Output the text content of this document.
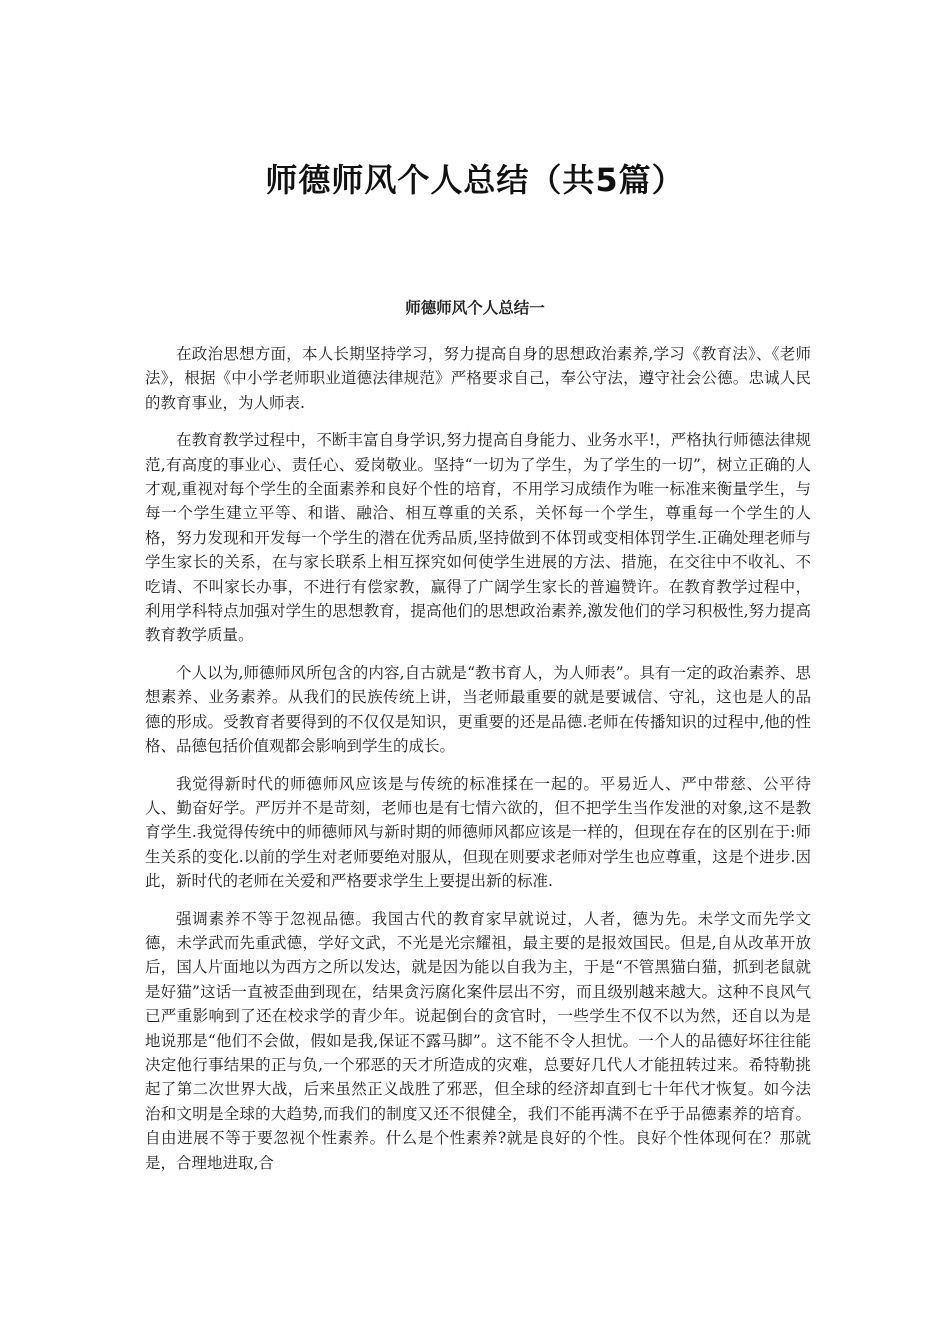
师德师风个人总结（共5篇）
师德师风个人总结一

在政治思想方面，本人长期坚持学习，努力提高自身的思想政治素养,学习《教育法》、《老师法》，根据《中小学老师职业道德法律规范》严格要求自己，奉公守法，遵守社会公德。忠诚人民的教育事业，为人师表.

在教育教学过程中，不断丰富自身学识,努力提高自身能力、业务水平!，严格执行师德法律规范,有高度的事业心、责任心、爱岗敬业。坚持“一切为了学生，为了学生的一切”，树立正确的人才观,重视对每个学生的全面素养和良好个性的培育，不用学习成绩作为唯一标准来衡量学生，与每一个学生建立平等、和谐、融洽、相互尊重的关系，关怀每一个学生，尊重每一个学生的人格，努力发现和开发每一个学生的潜在优秀品质,坚持做到不体罚或变相体罚学生.正确处理老师与学生家长的关系，在与家长联系上相互探究如何使学生进展的方法、措施，在交往中不收礼、不吃请、不叫家长办事，不进行有偿家教，赢得了广阔学生家长的普遍赞许。在教育教学过程中，利用学科特点加强对学生的思想教育，提高他们的思想政治素养,激发他们的学习积极性,努力提高教育教学质量。

个人以为,师德师风所包含的内容,自古就是“教书育人，为人师表”。具有一定的政治素养、思想素养、业务素养。从我们的民族传统上讲，当老师最重要的就是要诚信、守礼，这也是人的品德的形成。受教育者要得到的不仅仅是知识，更重要的还是品德.老师在传播知识的过程中,他的性格、品德包括价值观都会影响到学生的成长。

我觉得新时代的师德师风应该是与传统的标准揉在一起的。平易近人、严中带慈、公平待人、勤奋好学。严厉并不是苛刻，老师也是有七情六欲的，但不把学生当作发泄的对象,这不是教育学生.我觉得传统中的师德师风与新时期的师德师风都应该是一样的，但现在存在的区别在于:师生关系的变化.以前的学生对老师要绝对服从，但现在则要求老师对学生也应尊重，这是个进步.因此，新时代的老师在关爱和严格要求学生上要提出新的标准.

强调素养不等于忽视品德。我国古代的教育家早就说过，人者，德为先。未学文而先学文德，未学武而先重武德，学好文武，不光是光宗耀祖，最主要的是报效国民。但是,自从改革开放后，国人片面地以为西方之所以发达，就是因为能以自我为主，于是“不管黑猫白猫，抓到老鼠就是好猫”这话一直被歪曲到现在，结果贪污腐化案件层出不穷，而且级别越来越大。这种不良风气已严重影响到了还在校求学的青少年。说起倒台的贪官时，一些学生不仅不以为然，还自以为是地说那是“他们不会做，假如是我,保证不露马脚”。这不能不令人担忧。一个人的品德好坏往往能决定他行事结果的正与负,一个邪恶的天才所造成的灾难，总要好几代人才能扭转过来。希特勒挑起了第二次世界大战，后来虽然正义战胜了邪恶，但全球的经济却直到七十年代才恢复。如今法治和文明是全球的大趋势,而我们的制度又还不很健全，我们不能再满不在乎于品德素养的培育。自由进展不等于要忽视个性素养。什么是个性素养?就是良好的个性。良好个性体现何在？那就是，合理地进取,合
